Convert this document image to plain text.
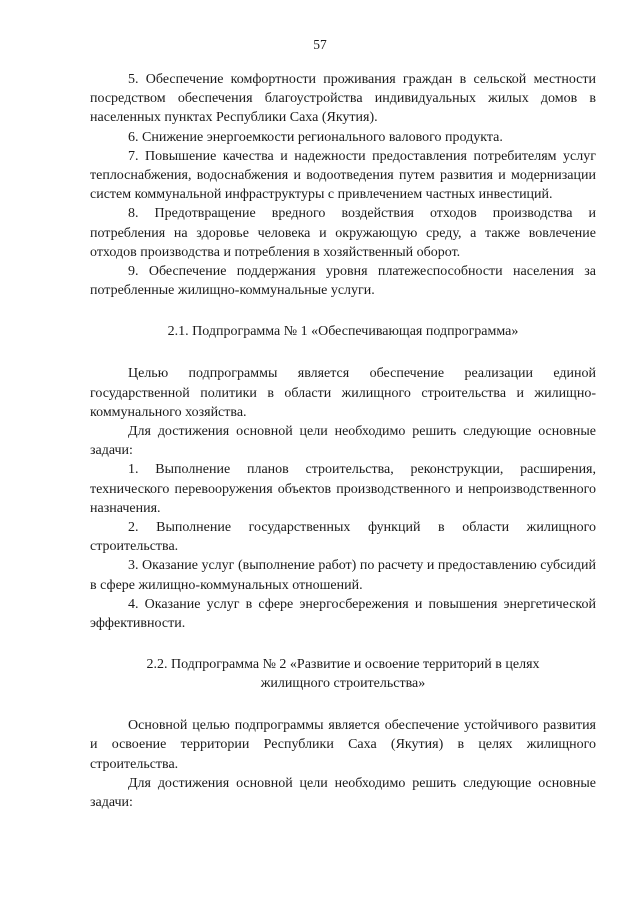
57

5. Обеспечение комфортности проживания граждан в сельской местности посредством обеспечения благоустройства индивидуальных жилых домов в населенных пунктах Республики Саха (Якутия).

6. Снижение энергоемкости регионального валового продукта.

7. Повышение качества и надежности предоставления потребителям услуг теплоснабжения, водоснабжения и водоотведения путем развития и модернизации систем коммунальной инфраструктуры с привлечением частных инвестиций.

8. Предотвращение вредного воздействия отходов производства и потребления на здоровье человека и окружающую среду, а также вовлечение отходов производства и потребления в хозяйственный оборот.

9. Обеспечение поддержания уровня платежеспособности населения за потребленные жилищно-коммунальные услуги.

2.1. Подпрограмма № 1 «Обеспечивающая подпрограмма»

Целью подпрограммы является обеспечение реализации единой государственной политики в области жилищного строительства и жилищно-коммунального хозяйства.

Для достижения основной цели необходимо решить следующие основные задачи:

1. Выполнение планов строительства, реконструкции, расширения, технического перевооружения объектов производственного и непроизводственного назначения.

2. Выполнение государственных функций в области жилищного строительства.

3. Оказание услуг (выполнение работ) по расчету и предоставлению субсидий в сфере жилищно-коммунальных отношений.

4. Оказание услуг в сфере энергосбережения и повышения энергетической эффективности.

2.2. Подпрограмма № 2 «Развитие и освоение территорий в целях

жилищного строительства»

Основной целью подпрограммы является обеспечение устойчивого развития и освоение территории Республики Саха (Якутия) в целях жилищного строительства.

Для достижения основной цели необходимо решить следующие основные задачи:
